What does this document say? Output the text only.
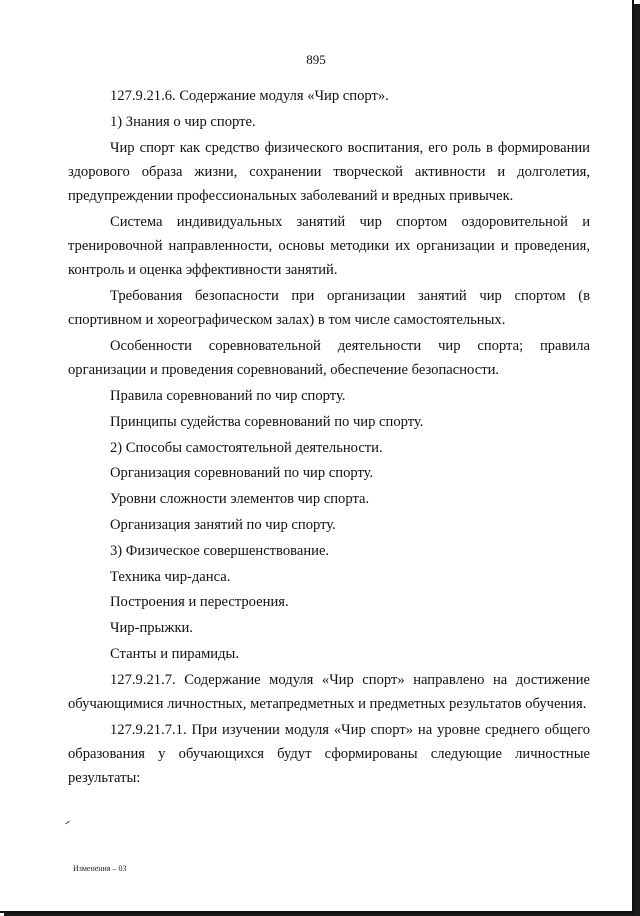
895

127.9.21.6. Содержание модуля «Чир спорт».

1) Знания о чир спорте.

Чир спорт как средство физического воспитания, его роль в формировании здорового образа жизни, сохранении творческой активности и долголетия, предупреждении профессиональных заболеваний и вредных привычек.

Система индивидуальных занятий чир спортом оздоровительной и тренировочной направленности, основы методики их организации и проведения, контроль и оценка эффективности занятий.

Требования безопасности при организации занятий чир спортом (в спортивном и хореографическом залах) в том числе самостоятельных.

Особенности соревновательной деятельности чир спорта; правила организации и проведения соревнований, обеспечение безопасности.

Правила соревнований по чир спорту.

Принципы судейства соревнований по чир спорту.

2) Способы самостоятельной деятельности.

Организация соревнований по чир спорту.

Уровни сложности элементов чир спорта.

Организация занятий по чир спорту.

3) Физическое совершенствование.

Техника чир-данса.

Построения и перестроения.

Чир-прыжки.

Станты и пирамиды.

127.9.21.7. Содержание модуля «Чир спорт» направлено на достижение обучающимися личностных, метапредметных и предметных результатов обучения.

127.9.21.7.1. При изучении модуля «Чир спорт» на уровне среднего общего образования у обучающихся будут сформированы следующие личностные результаты:

Изменения – 03
